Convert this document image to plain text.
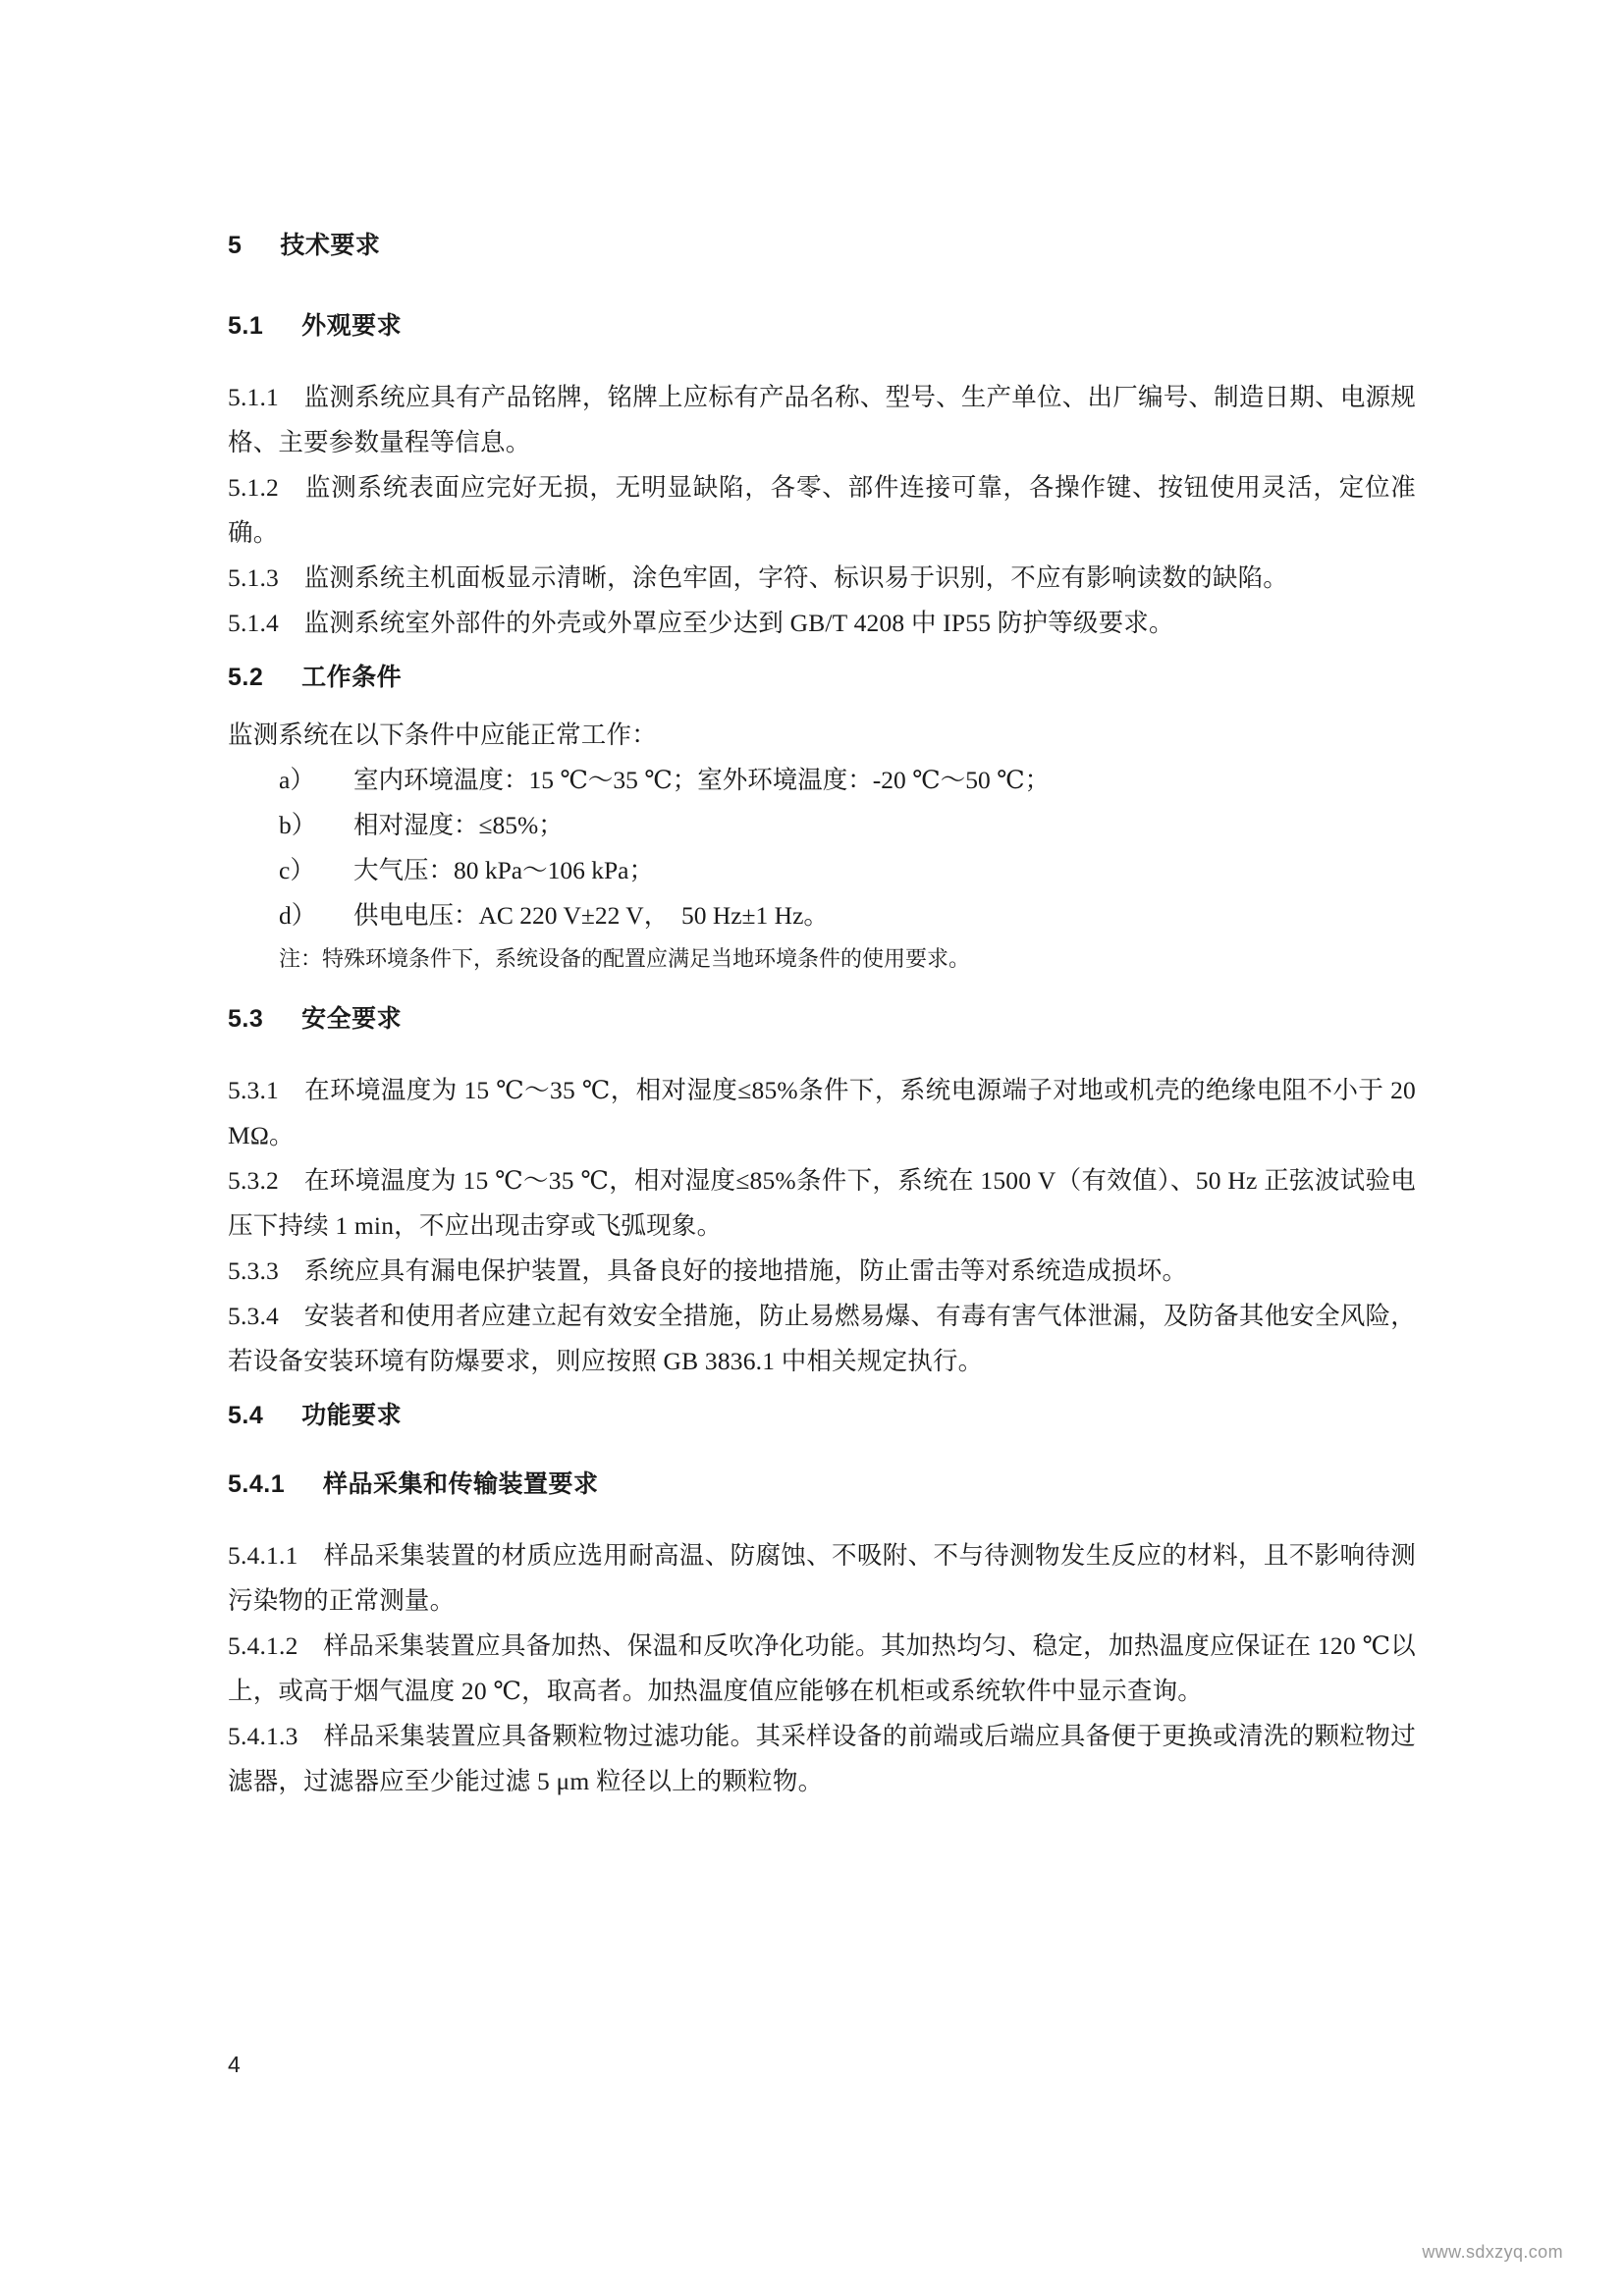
5 技术要求
5.1 外观要求

5.1.1　监测系统应具有产品铭牌，铭牌上应标有产品名称、型号、生产单位、出厂编号、制造日期、电源规格、主要参数量程等信息。

5.1.2　监测系统表面应完好无损，无明显缺陷，各零、部件连接可靠，各操作键、按钮使用灵活，定位准确。

5.1.3　监测系统主机面板显示清晰，涂色牢固，字符、标识易于识别，不应有影响读数的缺陷。

5.1.4　监测系统室外部件的外壳或外罩应至少达到 GB/T 4208 中 IP55 防护等级要求。

5.2 工作条件

监测系统在以下条件中应能正常工作：

a）	室内环境温度：15 ℃～35 ℃；室外环境温度：-20 ℃～50 ℃；
b）	相对湿度：≤85%；
c）	大气压：80 kPa～106 kPa；
d）	供电电压：AC 220 V±22 V，　50 Hz±1 Hz。

注：特殊环境条件下，系统设备的配置应满足当地环境条件的使用要求。

5.3 安全要求

5.3.1　在环境温度为 15 ℃～35 ℃，相对湿度≤85%条件下，系统电源端子对地或机壳的绝缘电阻不小于 20 MΩ。

5.3.2　在环境温度为 15 ℃～35 ℃，相对湿度≤85%条件下，系统在 1500 V（有效值）、50 Hz 正弦波试验电压下持续 1 min，不应出现击穿或飞弧现象。

5.3.3　系统应具有漏电保护装置，具备良好的接地措施，防止雷击等对系统造成损坏。

5.3.4　安装者和使用者应建立起有效安全措施，防止易燃易爆、有毒有害气体泄漏，及防备其他安全风险，若设备安装环境有防爆要求，则应按照 GB 3836.1 中相关规定执行。

5.4 功能要求
5.4.1 样品采集和传输装置要求

5.4.1.1　样品采集装置的材质应选用耐高温、防腐蚀、不吸附、不与待测物发生反应的材料，且不影响待测污染物的正常测量。

5.4.1.2　样品采集装置应具备加热、保温和反吹净化功能。其加热均匀、稳定，加热温度应保证在 120 ℃以上，或高于烟气温度 20 ℃，取高者。加热温度值应能够在机柜或系统软件中显示查询。

5.4.1.3　样品采集装置应具备颗粒物过滤功能。其采样设备的前端或后端应具备便于更换或清洗的颗粒物过滤器，过滤器应至少能过滤 5 μm 粒径以上的颗粒物。

4
www.sdxzyq.com
